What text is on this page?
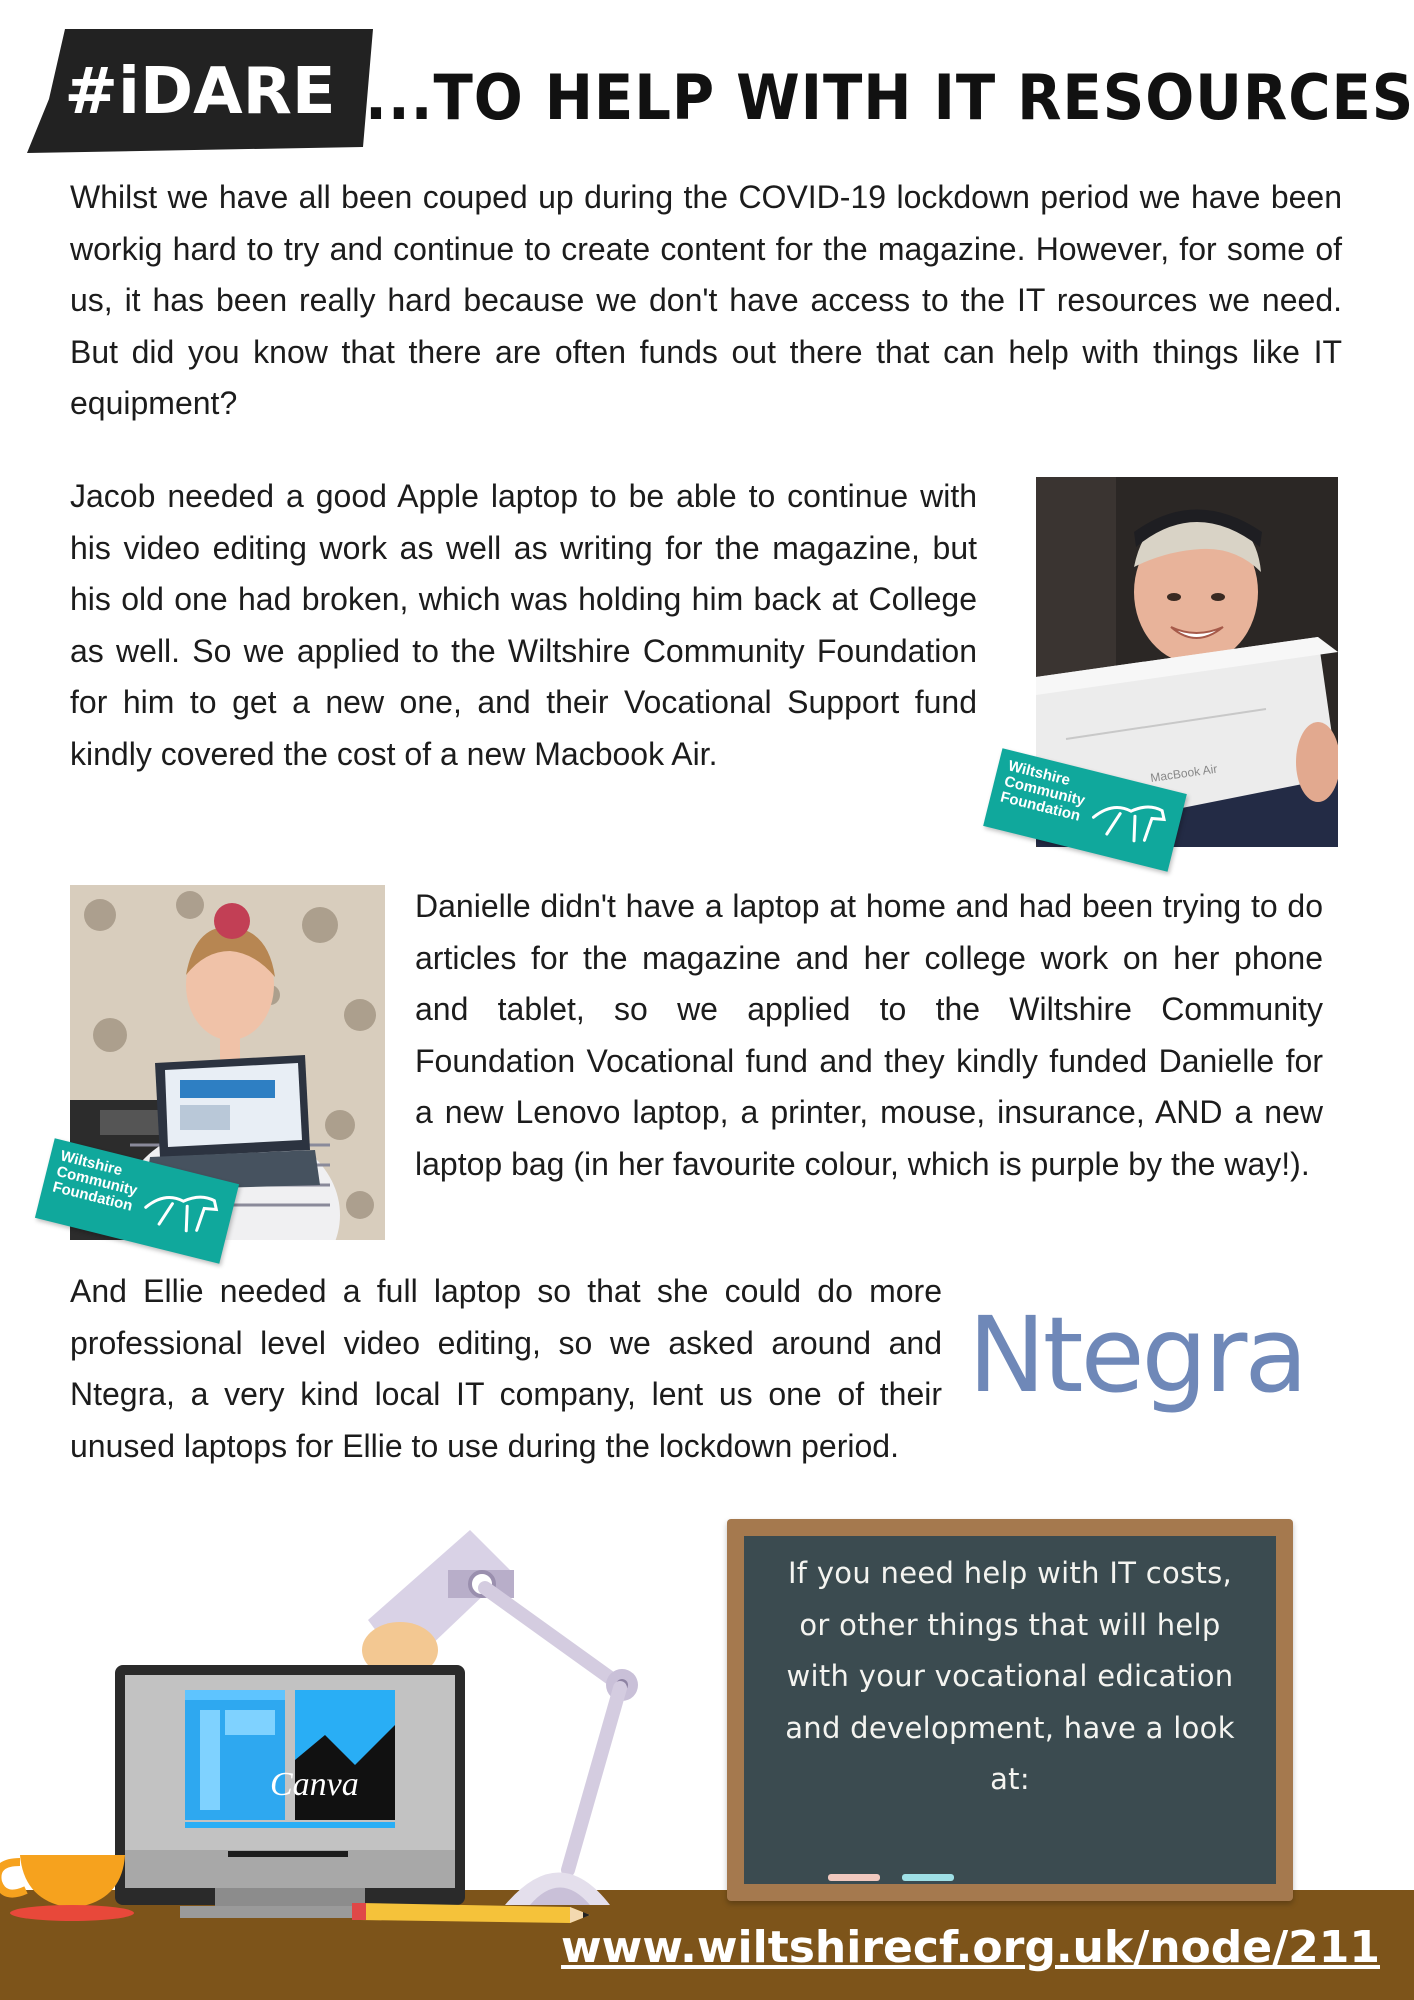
#iDARE ...TO HELP WITH IT RESOURCES

Whilst we have all been couped up during the COVID-19 lockdown period we have been workig hard to try and continue to create content for the magazine. However, for some of us, it has been really hard because we don't have access to the IT resources we need. But did you know that there are often funds out there that can help with things like IT equipment?

Jacob needed a good Apple laptop to be able to continue with his video editing work as well as writing for the magazine, but his old one had broken, which was holding him back at College as well. So we applied to the Wiltshire Community Foundation for him to get a new one, and their Vocational Support fund kindly covered the cost of a new Macbook Air.

Danielle didn't have a laptop at home and had been trying to do articles for the magazine and her college work on her phone and tablet, so we applied to the Wiltshire Community Foundation Vocational fund and they kindly funded Danielle for a new Lenovo laptop, a printer, mouse, insurance, AND a new laptop bag (in her favourite colour, which is purple by the way!).

And Ellie needed a full laptop so that she could do more professional level video editing, so we asked around and Ntegra, a very kind local IT company, lent us one of their unused laptops for Ellie to use during the lockdown period.

MacBook Air
Wiltshire Community Foundation
Wiltshire Community Foundation
Ntegra
Canva
If you need help with IT costs, or other things that will help with your vocational edication and development, have a look at:
www.wiltshirecf.org.uk/node/211
